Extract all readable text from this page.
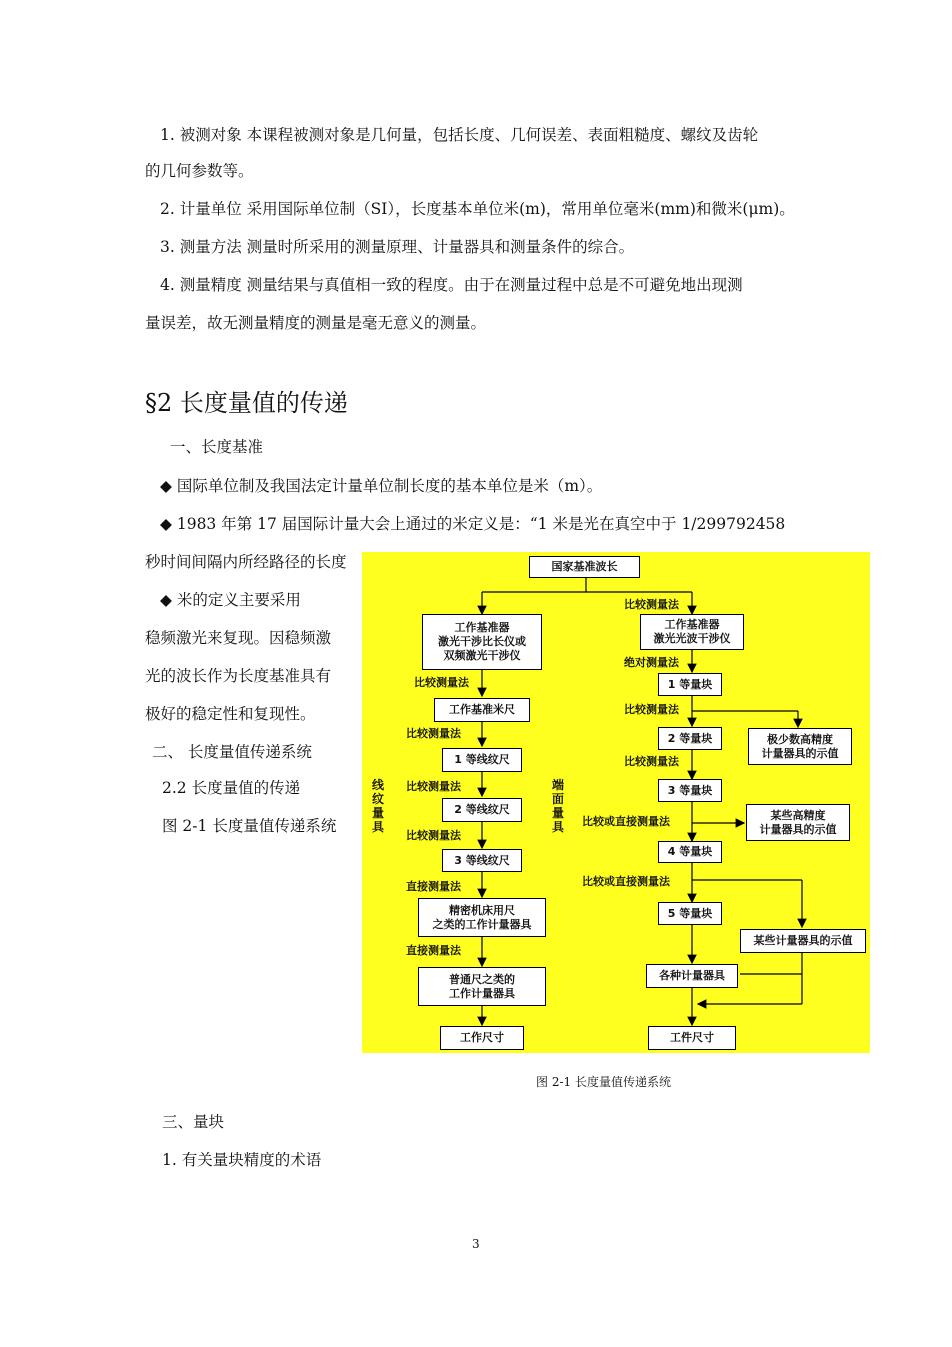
1. 被测对象 本课程被测对象是几何量，包括长度、几何误差、表面粗糙度、螺纹及齿轮
的几何参数等。
2. 计量单位 采用国际单位制（SI），长度基本单位米(m)，常用单位毫米(mm)和微米(μm)。
3. 测量方法 测量时所采用的测量原理、计量器具和测量条件的综合。
4. 测量精度 测量结果与真值相一致的程度。由于在测量过程中总是不可避免地出现测
量误差，故无测量精度的测量是毫无意义的测量。
§2 长度量值的传递
一、长度基准
◆ 国际单位制及我国法定计量单位制长度的基本单位是米（m）。
◆ 1983 年第 17 届国际计量大会上通过的米定义是：“1 米是光在真空中于 1/299792458
秒时间间隔内所经路径的长度
◆ 米的定义主要采用
稳频激光来复现。因稳频激
光的波长作为长度基准具有
极好的稳定性和复现性。
二、 长度量值传递系统
2.2 长度量值的传递
图 2-1 长度量值传递系统
国家基准波长
线纹量具
端面量具
工作基准器
激光干涉比长仪或
双频激光干涉仪
比较测量法
工作基准米尺
比较测量法
1 等线纹尺
比较测量法
2 等线纹尺
比较测量法
3 等线纹尺
直接测量法
精密机床用尺
之类的工作计量器具
直接测量法
普通尺之类的
工作计量器具
工作尺寸
比较测量法
工作基准器
激光光波干涉仪
绝对测量法
1 等量块
比较测量法
2 等量块	极少数高精度
计量器具的示值
比较测量法
3 等量块
比较或直接测量法	某些高精度
计量器具的示值
4 等量块
比较或直接测量法
5 等量块
某些计量器具的示值
各种计量器具
工件尺寸
图 2-1 长度量值传递系统
三、量块
1. 有关量块精度的术语
3
